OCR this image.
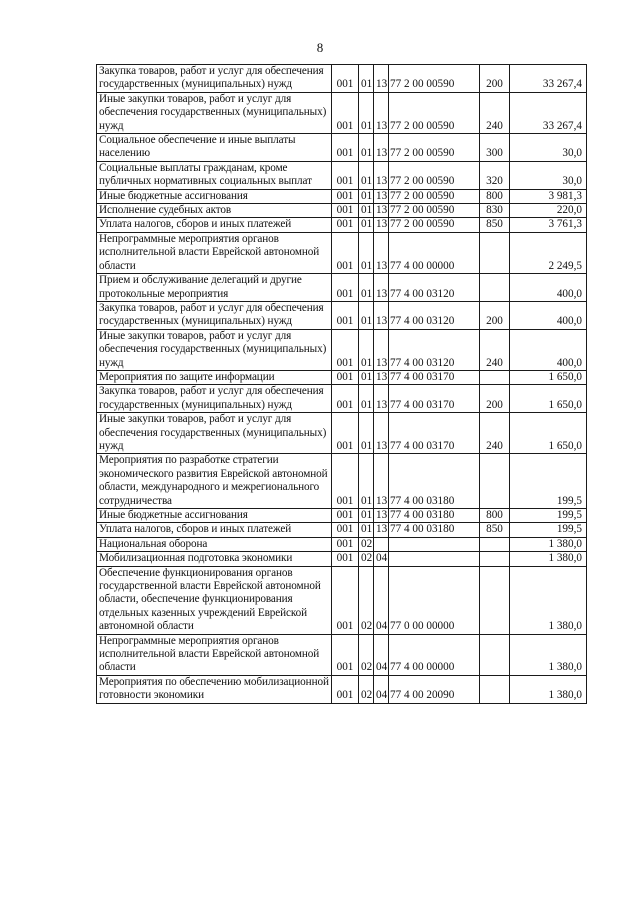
8
Закупка товаров, работ и услуг для обеспечения государственных (муниципальных) нужд	001	01	13	77 2 00 00590	200	33 267,4
Иные закупки товаров, работ и услуг для обеспечения государственных (муниципальных) нужд	001	01	13	77 2 00 00590	240	33 267,4
Социальное обеспечение и иные выплаты населению	001	01	13	77 2 00 00590	300	30,0
Социальные выплаты гражданам, кроме публичных нормативных социальных выплат	001	01	13	77 2 00 00590	320	30,0
Иные бюджетные ассигнования	001	01	13	77 2 00 00590	800	3 981,3
Исполнение судебных актов	001	01	13	77 2 00 00590	830	220,0
Уплата налогов, сборов и иных платежей	001	01	13	77 2 00 00590	850	3 761,3
Непрограммные мероприятия органов исполнительной власти Еврейской автономной области	001	01	13	77 4 00 00000		2 249,5
Прием и обслуживание делегаций и другие протокольные мероприятия	001	01	13	77 4 00 03120		400,0
Закупка товаров, работ и услуг для обеспечения государственных (муниципальных) нужд	001	01	13	77 4 00 03120	200	400,0
Иные закупки товаров, работ и услуг для обеспечения государственных (муниципальных) нужд	001	01	13	77 4 00 03120	240	400,0
Мероприятия по защите информации	001	01	13	77 4 00 03170		1 650,0
Закупка товаров, работ и услуг для обеспечения государственных (муниципальных) нужд	001	01	13	77 4 00 03170	200	1 650,0
Иные закупки товаров, работ и услуг для обеспечения государственных (муниципальных) нужд	001	01	13	77 4 00 03170	240	1 650,0
Мероприятия по разработке стратегии экономического развития Еврейской автономной области, международного и межрегионального сотрудничества	001	01	13	77 4 00 03180		199,5
Иные бюджетные ассигнования	001	01	13	77 4 00 03180	800	199,5
Уплата налогов, сборов и иных платежей	001	01	13	77 4 00 03180	850	199,5
Национальная оборона	001	02				1 380,0
Мобилизационная подготовка экономики	001	02	04			1 380,0
Обеспечение функционирования органов государственной власти Еврейской автономной области, обеспечение функционирования отдельных казенных учреждений Еврейской автономной области	001	02	04	77 0 00 00000		1 380,0
Непрограммные мероприятия органов исполнительной власти Еврейской автономной области	001	02	04	77 4 00 00000		1 380,0
Мероприятия по обеспечению мобилизационной готовности экономики	001	02	04	77 4 00 20090		1 380,0
